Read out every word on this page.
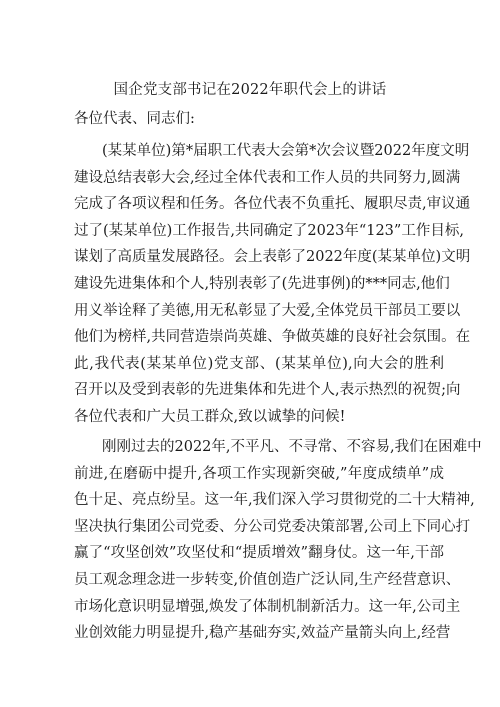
国企党支部书记在2022年职代会上的讲话
各位代表、同志们:
(某某单位)第*届职工代表大会第*次会议暨2022年度文明
建设总结表彰大会,经过全体代表和工作人员的共同努力,圆满
完成了各项议程和任务。各位代表不负重托、履职尽责,审议通
过了(某某单位)工作报告,共同确定了2023年“123”工作目标,
谋划了高质量发展路径。会上表彰了2022年度(某某单位)文明
建设先进集体和个人,特别表彰了(先进事例)的***同志,他们
用义举诠释了美德,用无私彰显了大爱,全体党员干部员工要以
他们为榜样,共同营造崇尚英雄、争做英雄的良好社会氛围。在
此,我代表(某某单位)党支部、(某某单位),向大会的胜利
召开以及受到表彰的先进集体和先进个人,表示热烈的祝贺;向
各位代表和广大员工群众,致以诚挚的问候!
刚刚过去的2022年,不平凡、不寻常、不容易,我们在困难中
前进,在磨砺中提升,各项工作实现新突破,”年度成绩单”成
色十足、亮点纷呈。这一年,我们深入学习贯彻党的二十大精神,
坚决执行集团公司党委、分公司党委决策部署,公司上下同心打
赢了“攻坚创效”攻坚仗和“提质增效”翻身仗。这一年,干部
员工观念理念进一步转变,价值创造广泛认同,生产经营意识、
市场化意识明显增强,焕发了体制机制新活力。这一年,公司主
业创效能力明显提升,稳产基础夯实,效益产量箭头向上,经营
